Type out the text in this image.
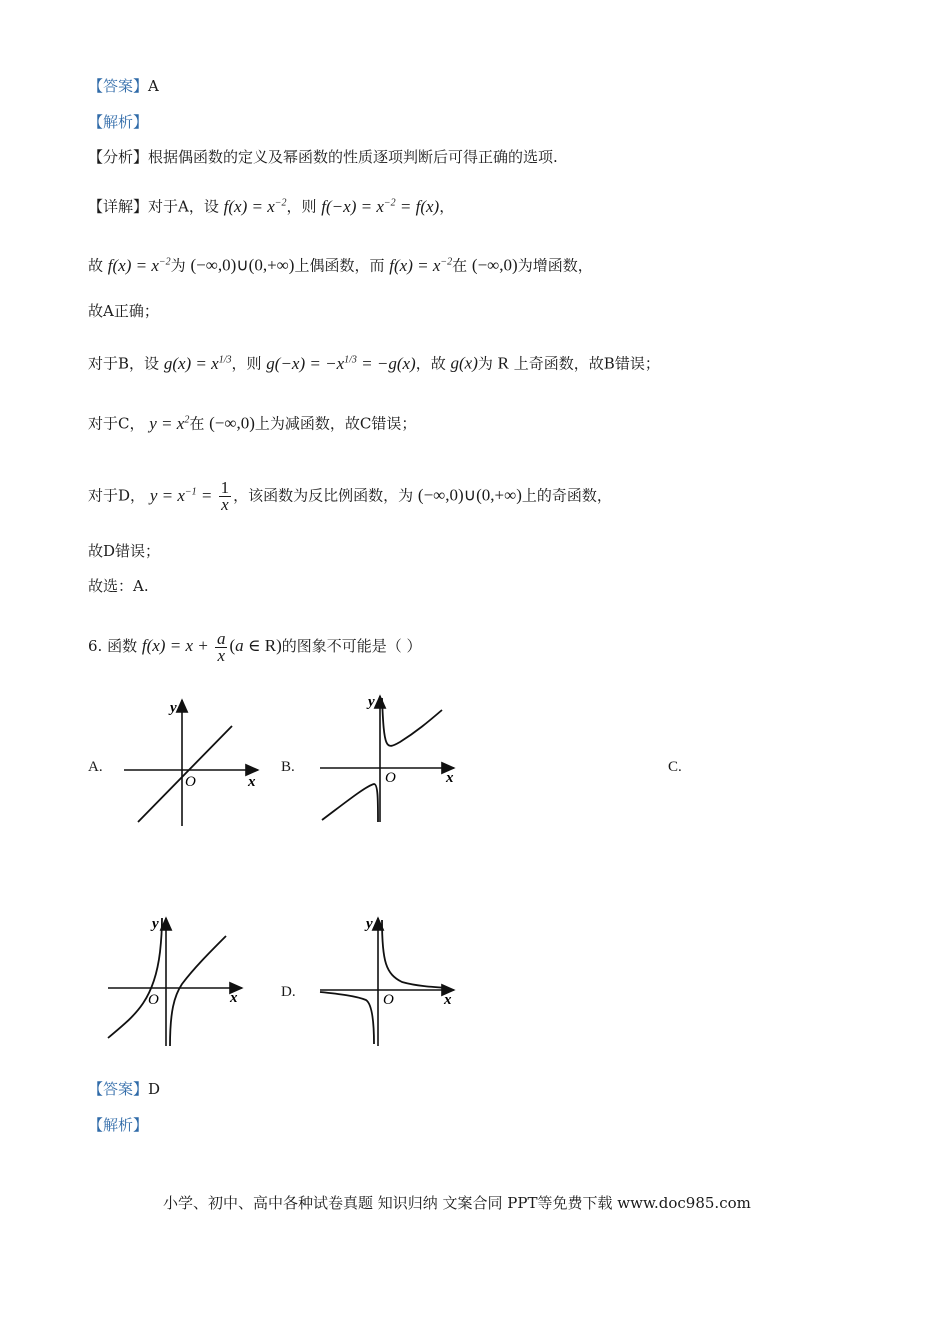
【答案】A
【解析】
【分析】根据偶函数的定义及幂函数的性质逐项判断后可得正确的选项.
【详解】对于A，设 $f(x) = x^{-2}$，则 $f(-x) = x^{-2} = f(x)$，
故 $f(x) = x^{-2}$为 (−∞,0)∪(0,+∞)上偶函数，而 $f(x) = x^{-2}$在 (−∞,0)为增函数，
故A正确；
对于B，设 $g(x) = x^{1/3}$，则 $g(-x) = -x^{1/3} = -g(x)$，故 g(x)为 R 上奇函数，故B错误；
对于C， $y = x^2$在 (−∞,0)上为减函数，故C错误；
对于D， $y = x^{-1} = \frac{1}{x}$ ，该函数为反比例函数，为 (−∞,0)∪(0,+∞)上的奇函数，
故D错误；
故选：A.
6. 函数 $f(x) = x + \frac{a}{x} (a$ ∈ R)的图象不可能是（ ）
A.	B.	C.
D.
y
x
O
y
x
O
y
x
O
y
x
O
【答案】D
【解析】
小学、初中、高中各种试卷真题 知识归纳 文案合同 PPT等免费下载 www.doc985.com
